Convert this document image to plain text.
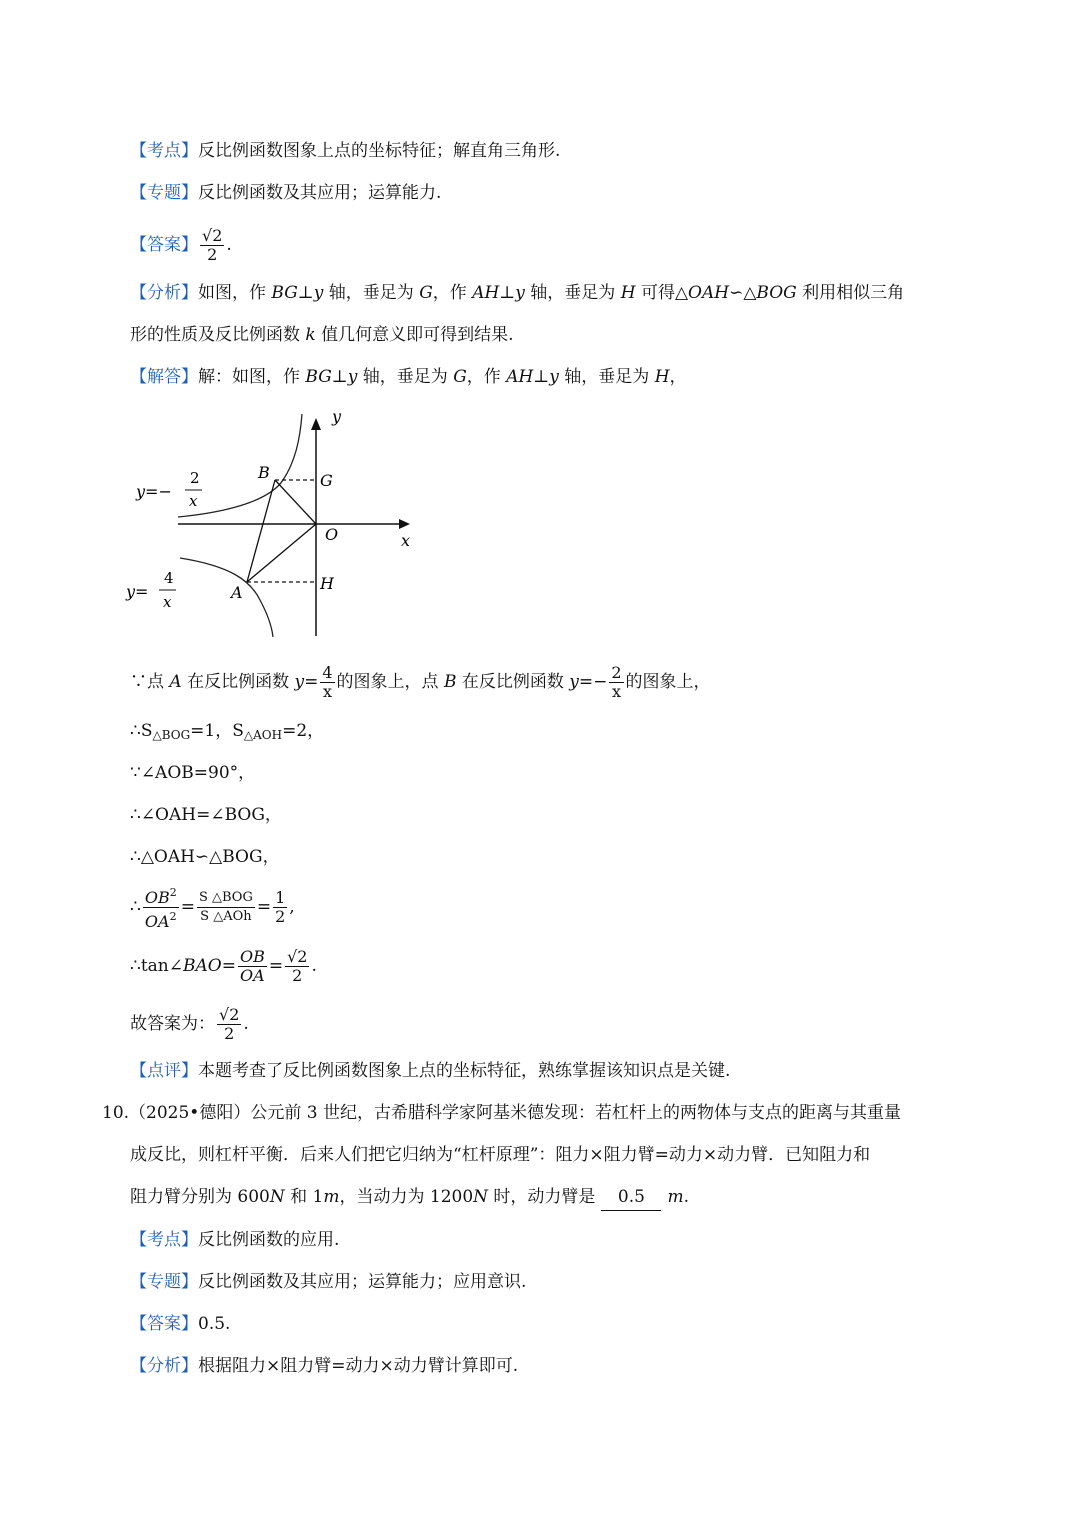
【考点】反比例函数图象上点的坐标特征；解直角三角形.
【专题】反比例函数及其应用；运算能力.
【答案】 $\frac{√2}{2}$ .
【分析】如图，作 BG⊥y 轴，垂足为 G，作 AH⊥y 轴，垂足为 H 可得△OAH∽△BOG 利用相似三角
形的性质及反比例函数 k 值几何意义即可得到结果.
【解答】解：如图，作 BG⊥y 轴，垂足为 G，作 AH⊥y 轴，垂足为 H，
y
x
O
B	G
A	H
y=−
2
x
y=
4
x
∵点 A 在反比例函数 $y= \frac{4}{x}$ 的图象上，点 B 在反比例函数 $y=- \frac{2}{x}$ 的图象上，
$\therefore S_{\triangle BOG}=1$，$S_{\triangle AOH}=2$，
∵∠AOB=90°，
∴∠OAH=∠BOG，
∴△OAH∽△BOG，
∴ $\frac{OB^2}{OA^2} = \frac{\text{S △BOG}}{\text{S △AOh}} = \frac{1}{2}$ ,
∴tan∠BAO= $\frac{OB}{OA} = \frac{√2}{2}$ .
故答案为： $\frac{√2}{2}$ .
【点评】本题考查了反比例函数图象上点的坐标特征，熟练掌握该知识点是关键.
10.（2025•德阳）公元前 3 世纪，古希腊科学家阿基米德发现：若杠杆上的两物体与支点的距离与其重量
成反比，则杠杆平衡．后来人们把它归纳为“杠杆原理”：阻力×阻力臂=动力×动力臂．已知阻力和
阻力臂分别为 600N 和 1m，当动力为 1200N 时，动力臂是 0.5 m.
【考点】反比例函数的应用.
【专题】反比例函数及其应用；运算能力；应用意识.
【答案】0.5.
【分析】根据阻力×阻力臂=动力×动力臂计算即可.
